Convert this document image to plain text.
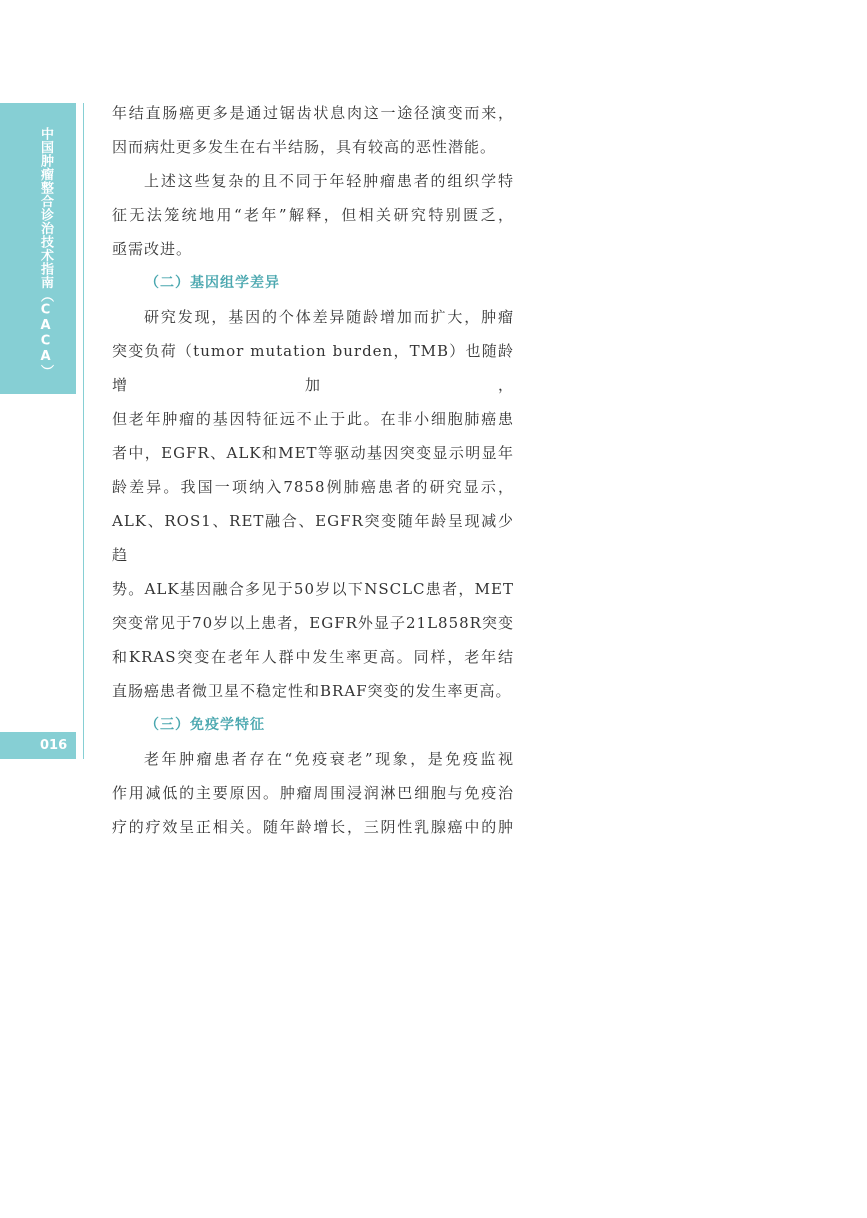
中国肿瘤整合诊治技术指南（CACA）
016

年结直肠癌更多是通过锯齿状息肉这一途径演变而来，

因而病灶更多发生在右半结肠，具有较高的恶性潜能。

上述这些复杂的且不同于年轻肿瘤患者的组织学特

征无法笼统地用“老年”解释，但相关研究特别匮乏，

亟需改进。

（二）基因组学差异

研究发现，基因的个体差异随龄增加而扩大，肿瘤

突变负荷（tumor mutation burden，TMB）也随龄增加，

但老年肿瘤的基因特征远不止于此。在非小细胞肺癌患

者中，EGFR、ALK和MET等驱动基因突变显示明显年

龄差异。我国一项纳入7858例肺癌患者的研究显示，

ALK、ROS1、RET融合、EGFR突变随年龄呈现减少趋

势。ALK基因融合多见于50岁以下NSCLC患者，MET

突变常见于70岁以上患者，EGFR外显子21L858R突变

和KRAS突变在老年人群中发生率更高。同样，老年结

直肠癌患者微卫星不稳定性和BRAF突变的发生率更高。

（三）免疫学特征

老年肿瘤患者存在“免疫衰老”现象，是免疫监视

作用减低的主要原因。肿瘤周围浸润淋巴细胞与免疫治

疗的疗效呈正相关。随年龄增长，三阴性乳腺癌中的肿
